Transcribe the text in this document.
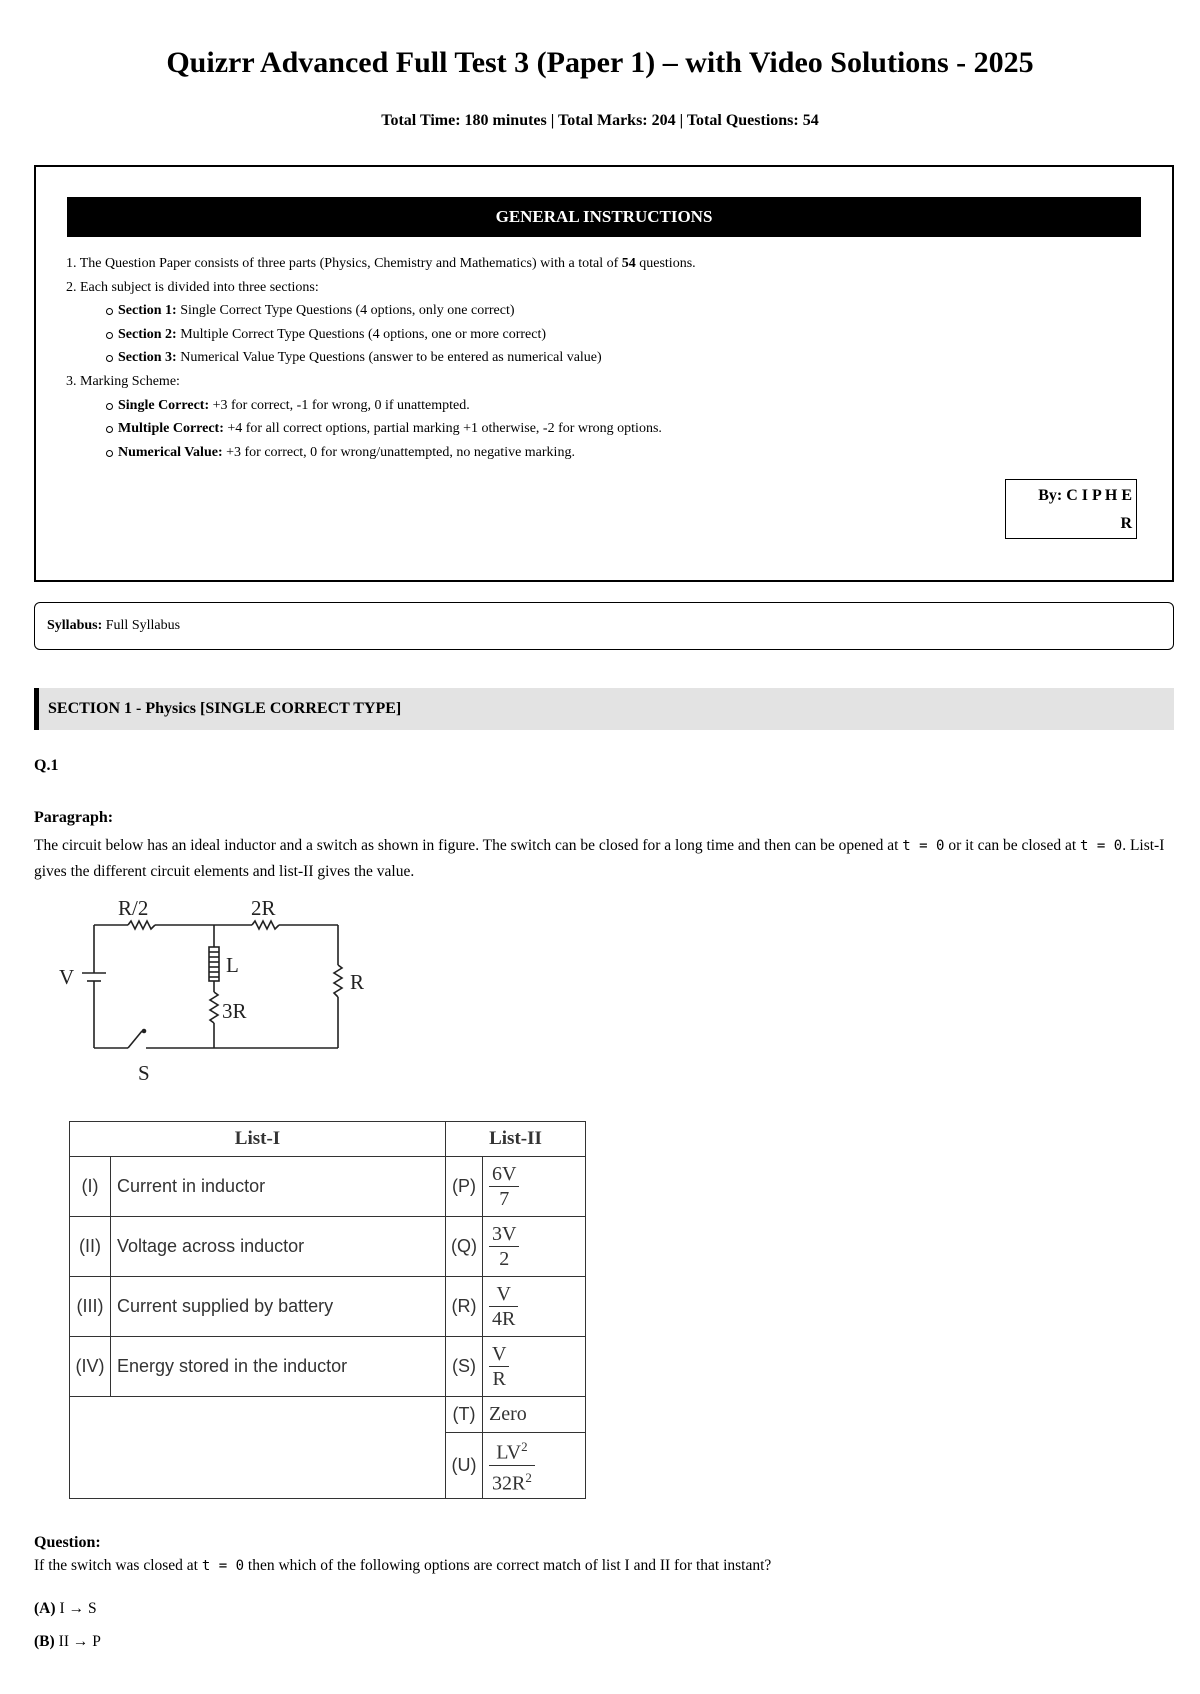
Quizrr Advanced Full Test 3 (Paper 1) – with Video Solutions - 2025
Total Time: 180 minutes | Total Marks: 204 | Total Questions: 54
GENERAL INSTRUCTIONS
1. The Question Paper consists of three parts (Physics, Chemistry and Mathematics) with a total of 54 questions.
2. Each subject is divided into three sections:
Section 1: Single Correct Type Questions (4 options, only one correct)
Section 2: Multiple Correct Type Questions (4 options, one or more correct)
Section 3: Numerical Value Type Questions (answer to be entered as numerical value)
3. Marking Scheme:
Single Correct: +3 for correct, -1 for wrong, 0 if unattempted.
Multiple Correct: +4 for all correct options, partial marking +1 otherwise, -2 for wrong options.
Numerical Value: +3 for correct, 0 for wrong/unattempted, no negative marking.
By: C I P H E
R
Syllabus: Full Syllabus
SECTION 1 - Physics [SINGLE CORRECT TYPE]
Q.1
Paragraph:
The circuit below has an ideal inductor and a switch as shown in figure. The switch can be closed for a long time and then can be opened at t = 0 or it can be closed at t = 0. List-I gives the different circuit elements and list-II gives the value.
R/2	2R
L
R
3R
V
S
List-I		List-II	
(I)	Current in inductor	(P)	$\frac{6V}{7}$

(II)	Voltage across inductor	(Q)	$\frac{3V}{2}$

(III)	Current supplied by battery	(R)	$\frac{V}{4R}$

(IV)	Energy stored in the inductor	(S)	$\frac{V}{R}$

		(T)	Zero
		(U)	$\frac{LV^2}{32R^2}$
Question:
If the switch was closed at t = 0 then which of the following options are correct match of list I and II for that instant?
(A) I → S
(B) II → P
